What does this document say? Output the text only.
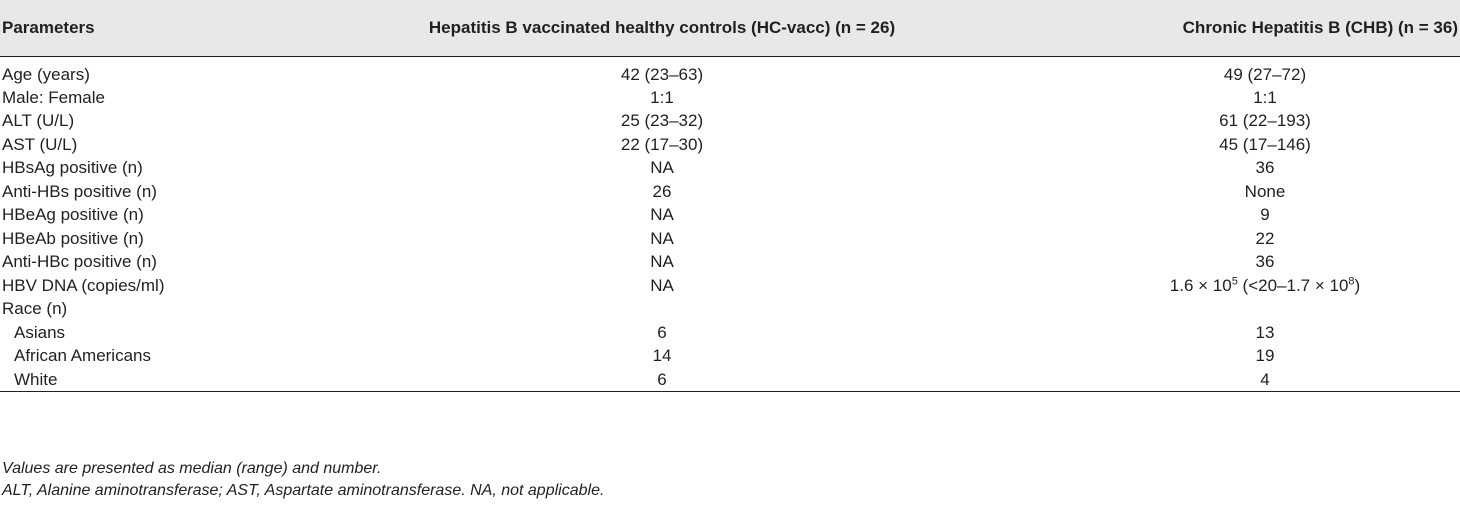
Parameters	Hepatitis B vaccinated healthy controls (HC-vacc) (n = 26)	Chronic Hepatitis B (CHB) (n = 36)
Age (years)	42 (23–63)	49 (27–72)
Male: Female	1:1	1:1
ALT (U/L)	25 (23–32)	61 (22–193)
AST (U/L)	22 (17–30)	45 (17–146)
HBsAg positive (n)	NA	36
Anti-HBs positive (n)	26	None
HBeAg positive (n)	NA	9
HBeAb positive (n)	NA	22
Anti-HBc positive (n)	NA	36
HBV DNA (copies/ml)	NA	$1.6 \times 10^5$ $(<20-1.7 \times 10^8)$
Race (n)		
Asians	6	13
African Americans	14	19
White	6	4
Values are presented as median (range) and number.
ALT, Alanine aminotransferase; AST, Aspartate aminotransferase. NA, not applicable.
